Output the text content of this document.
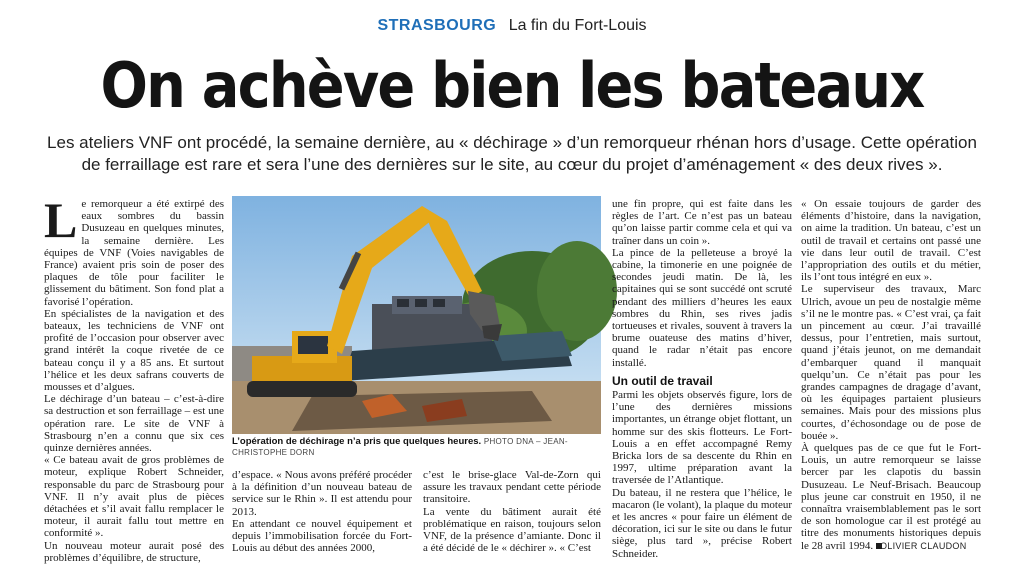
STRASBOURG La fin du Fort-Louis
On achève bien les bateaux
Les ateliers VNF ont procédé, la semaine dernière, au « déchirage » d’un remorqueur rhénan hors d’usage. Cette opération de ferraillage est rare et sera l’une des dernières sur le site, au cœur du projet d’aménagement « des deux rives ».

Le remorqueur a été extirpé des eaux sombres du bassin Dusuzeau en quelques minutes, la semaine dernière. Les équipes de VNF (Voies navigables de France) avaient pris soin de poser des plaques de tôle pour faciliter le glissement du bâtiment. Son fond plat a favorisé l’opération.

En spécialistes de la navigation et des bateaux, les techniciens de VNF ont profité de l’occasion pour observer avec grand intérêt la coque rivetée de ce bateau conçu il y a 85 ans. Et surtout l’hélice et les deux safrans couverts de mousses et d’algues.

Le déchirage d’un bateau – c’est-à-dire sa destruction et son ferraillage – est une opération rare. Le site de VNF à Strasbourg n’en a connu que six ces quinze dernières années.

« Ce bateau avait de gros problèmes de moteur, explique Robert Schneider, responsable du parc de Strasbourg pour VNF. Il n’y avait plus de pièces détachées et s’il avait fallu remplacer le moteur, il aurait fallu tout mettre en conformité ».

Un nouveau moteur aurait posé des problèmes d’équilibre, de structure,

L’opération de déchirage n’a pris que quelques heures. PHOTO DNA – JEAN-CHRISTOPHE DORN

d’espace. « Nous avons préféré procéder à la définition d’un nouveau bateau de service sur le Rhin ». Il est attendu pour 2013.

En attendant ce nouvel équipement et depuis l’immobilisation forcée du Fort-Louis au début des années 2000,

c’est le brise-glace Val-de-Zorn qui assure les travaux pendant cette période transitoire.

La vente du bâtiment aurait été problématique en raison, toujours selon VNF, de la présence d’amiante. Donc il a été décidé de le « déchirer ». « C’est

une fin propre, qui est faite dans les règles de l’art. Ce n’est pas un bateau qu’on laisse partir comme cela et qui va traîner dans un coin ».

La pince de la pelleteuse a broyé la cabine, la timonerie en une poignée de secondes jeudi matin. De là, les capitaines qui se sont succédé ont scruté pendant des milliers d’heures les eaux sombres du Rhin, ses rives jadis tortueuses et rivales, souvent à travers la brume ouateuse des matins d’hiver, quand le radar n’était pas encore installé.

Un outil de travail

Parmi les objets observés figure, lors de l’une des dernières missions importantes, un étrange objet flottant, un homme sur des skis flotteurs. Le Fort-Louis a en effet accompagné Remy Bricka lors de sa descente du Rhin en 1997, ultime préparation avant la traversée de l’Atlantique.

Du bateau, il ne restera que l’hélice, le macaron (le volant), la plaque du moteur et les ancres « pour faire un élément de décoration, ici sur le site ou dans le futur siège, plus tard », précise Robert Schneider.

« On essaie toujours de garder des éléments d’histoire, dans la navigation, on aime la tradition. Un bateau, c’est un outil de travail et certains ont passé une vie dans leur outil de travail. C’est l’appropriation des outils et du métier, ils l’ont tous intégré en eux ».

Le superviseur des travaux, Marc Ulrich, avoue un peu de nostalgie même s’il ne le montre pas. « C’est vrai, ça fait un pincement au cœur. J’ai travaillé dessus, pour l’entretien, mais surtout, quand j’étais jeunot, on me demandait d’embarquer quand il manquait quelqu’un. Ce n’était pas pour les grandes campagnes de dragage d’avant, où les équipages partaient plusieurs semaines. Mais pour des missions plus courtes, d’échosondage ou de pose de bouée ».

À quelques pas de ce que fut le Fort-Louis, un autre remorqueur se laisse bercer par les clapotis du bassin Dusuzeau. Le Neuf-Brisach. Beaucoup plus jeune car construit en 1950, il ne connaîtra vraisemblablement pas le sort de son homologue car il est protégé au titre des monuments historiques depuis le 28 avril 1994. OLIVIER CLAUDON
